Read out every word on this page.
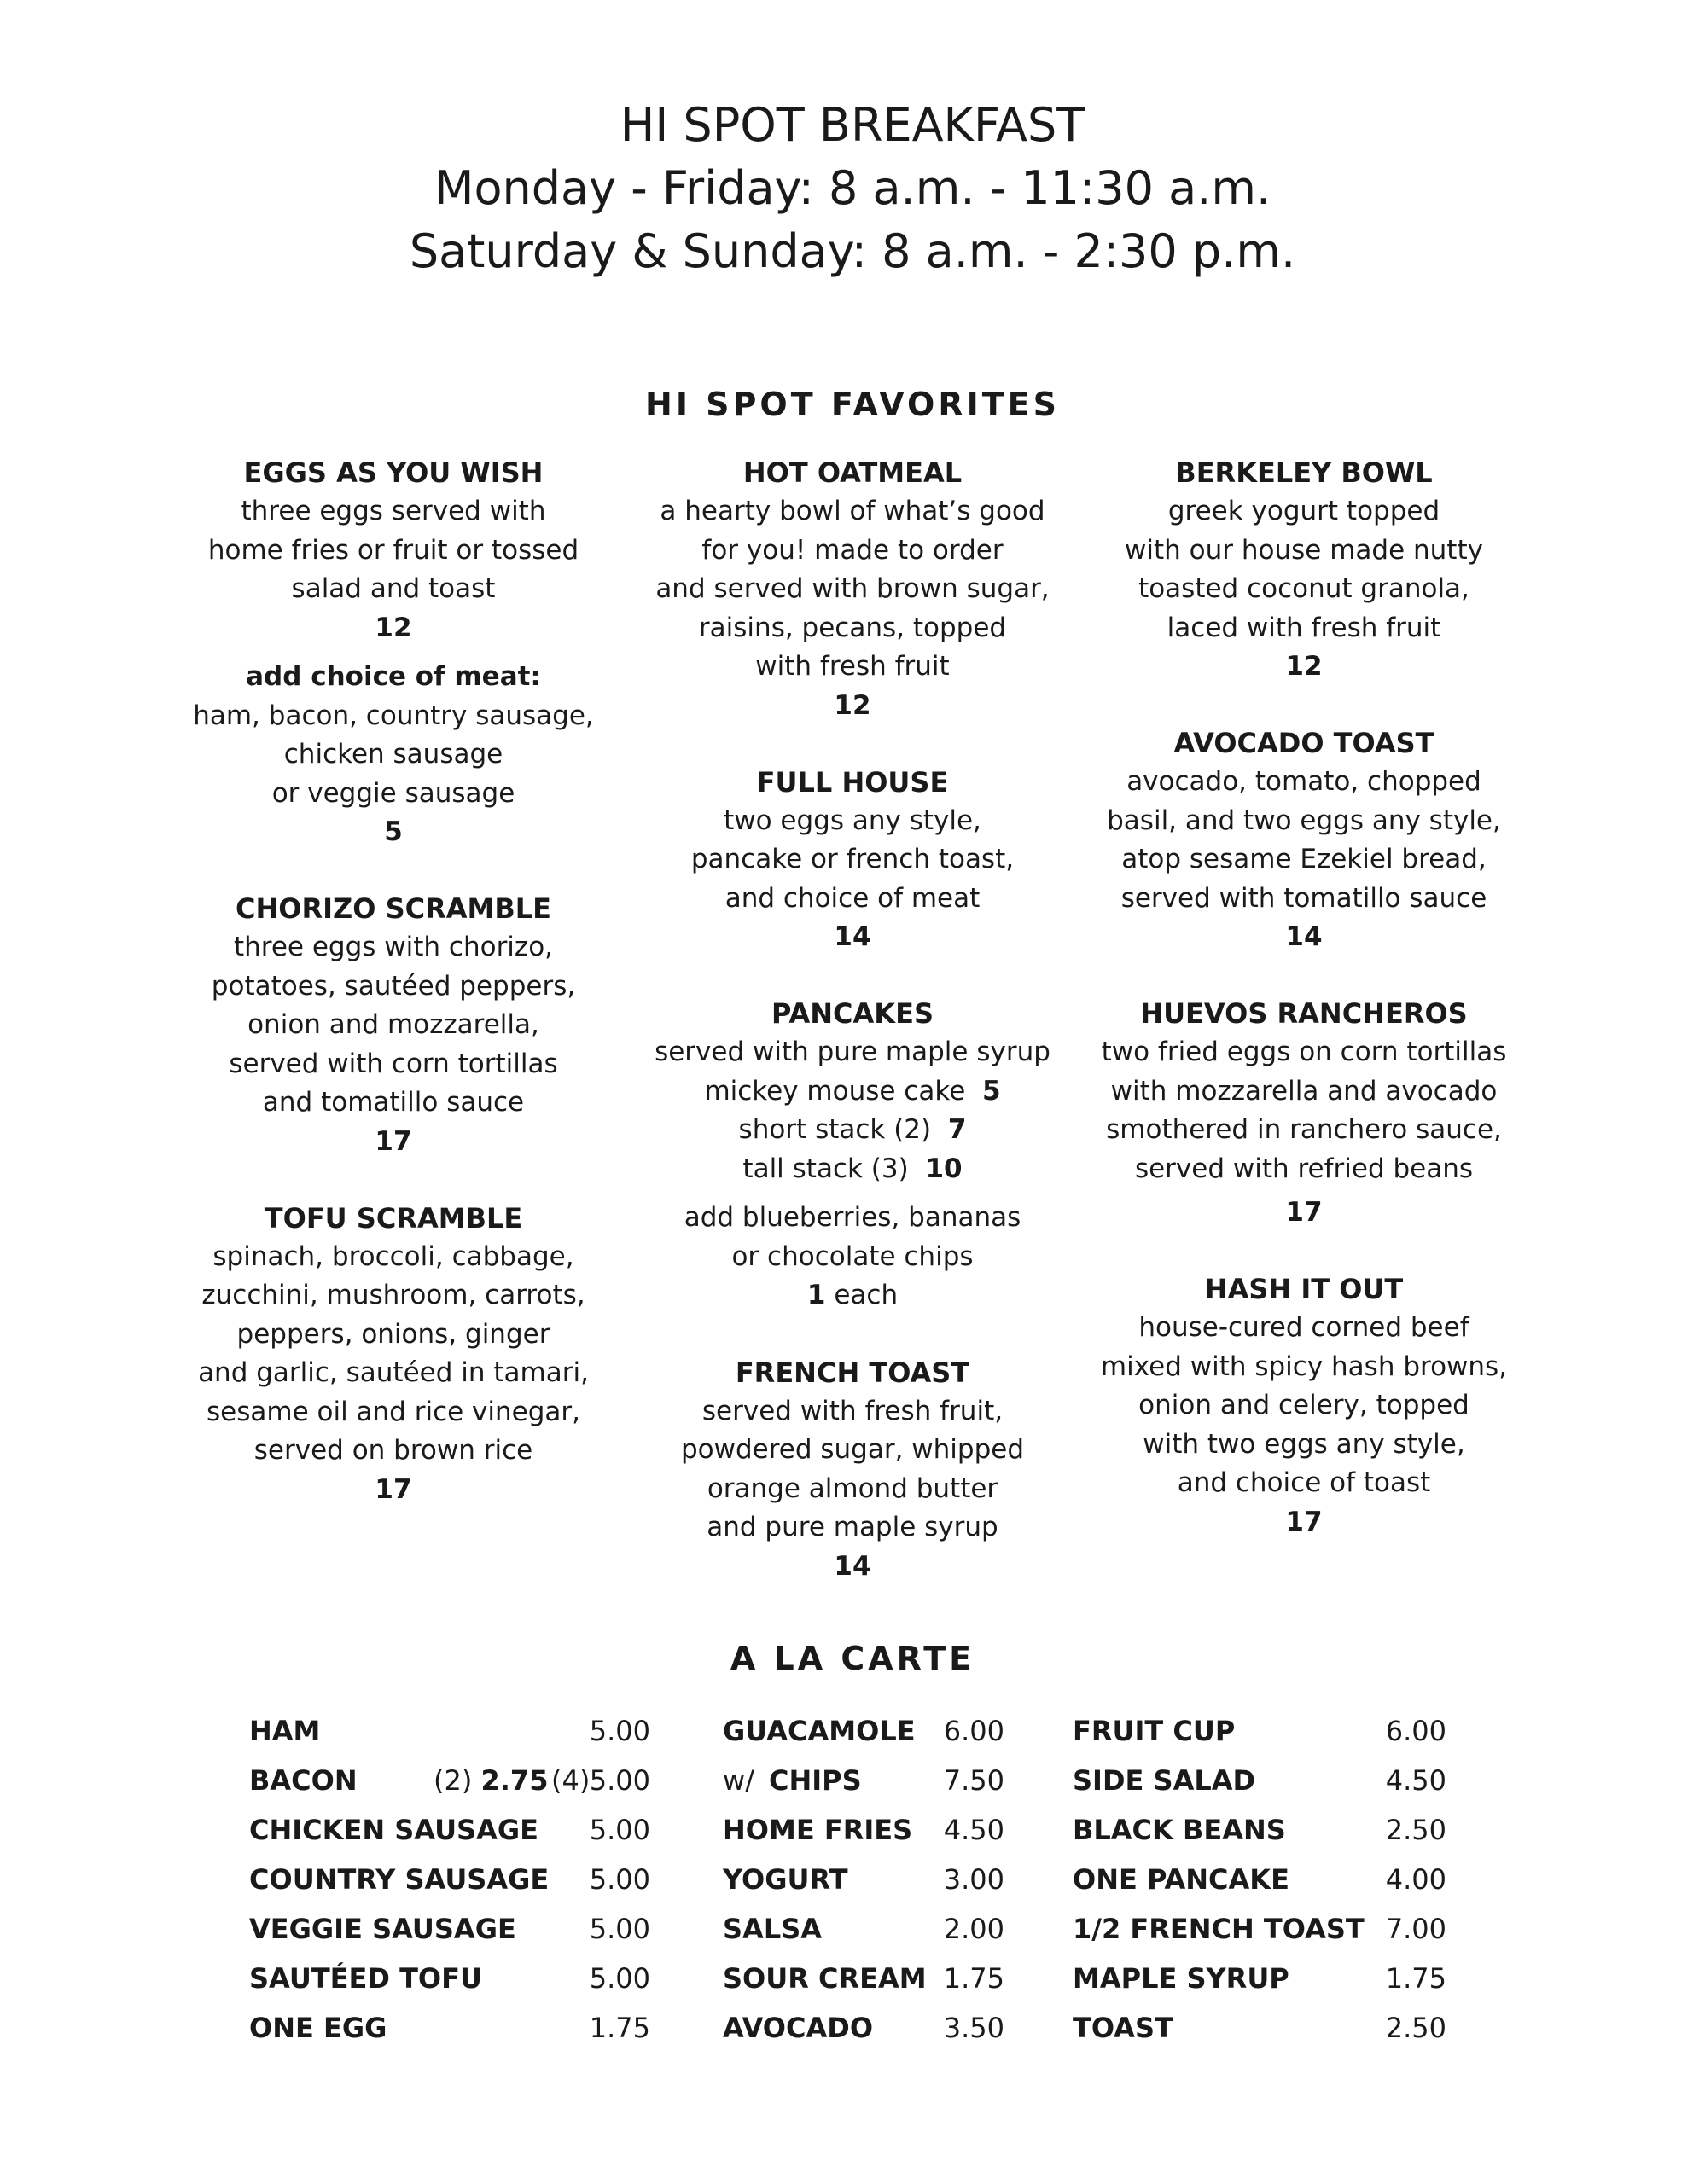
HI SPOT BREAKFAST
Monday - Friday: 8 a.m. - 11:30 a.m.
Saturday & Sunday: 8 a.m. - 2:30 p.m.
HI SPOT FAVORITES
EGGS AS YOU WISH
three eggs served with
home fries or fruit or tossed
salad and toast
12
add choice of meat:
ham, bacon, country sausage,
chicken sausage
or veggie sausage
5
CHORIZO SCRAMBLE
three eggs with chorizo,
potatoes, sautéed peppers,
onion and mozzarella,
served with corn tortillas
and tomatillo sauce
17
TOFU SCRAMBLE
spinach, broccoli, cabbage,
zucchini, mushroom, carrots,
peppers, onions, ginger
and garlic, sautéed in tamari,
sesame oil and rice vinegar,
served on brown rice
17
HOT OATMEAL
a hearty bowl of what’s good
for you! made to order
and served with brown sugar,
raisins, pecans, topped
with fresh fruit
12
FULL HOUSE
two eggs any style,
pancake or french toast,
and choice of meat
14
PANCAKES
served with pure maple syrup
mickey mouse cake 5
short stack (2) 7
tall stack (3) 10
add blueberries, bananas
or chocolate chips
1 each
FRENCH TOAST
served with fresh fruit,
powdered sugar, whipped
orange almond butter
and pure maple syrup
14
BERKELEY BOWL
greek yogurt topped
with our house made nutty
toasted coconut granola,
laced with fresh fruit
12
AVOCADO TOAST
avocado, tomato, chopped
basil, and two eggs any style,
atop sesame Ezekiel bread,
served with tomatillo sauce
14
HUEVOS RANCHEROS
two fried eggs on corn tortillas
with mozzarella and avocado
smothered in ranchero sauce,
served with refried beans
17
HASH IT OUT
house-cured corned beef
mixed with spicy hash browns,
onion and celery, topped
with two eggs any style,
and choice of toast
17
A LA CARTE
HAM	5.00
BACON	(2) 2.75 (4) 5.00
CHICKEN SAUSAGE 5.00
COUNTRY SAUSAGE 5.00
VEGGIE SAUSAGE	5.00
SAUTÉED TOFU	5.00
ONE EGG	1.75
GUACAMOLE 6.00
w/ CHIPS	7.50
HOME FRIES 4.50
YOGURT	3.00
SALSA	2.00
SOUR CREAM 1.75
AVOCADO	3.50
FRUIT CUP	6.00
SIDE SALAD	4.50
BLACK BEANS	2.50
ONE PANCAKE	4.00
1/2 FRENCH TOAST 7.00
MAPLE SYRUP	1.75
TOAST	2.50
